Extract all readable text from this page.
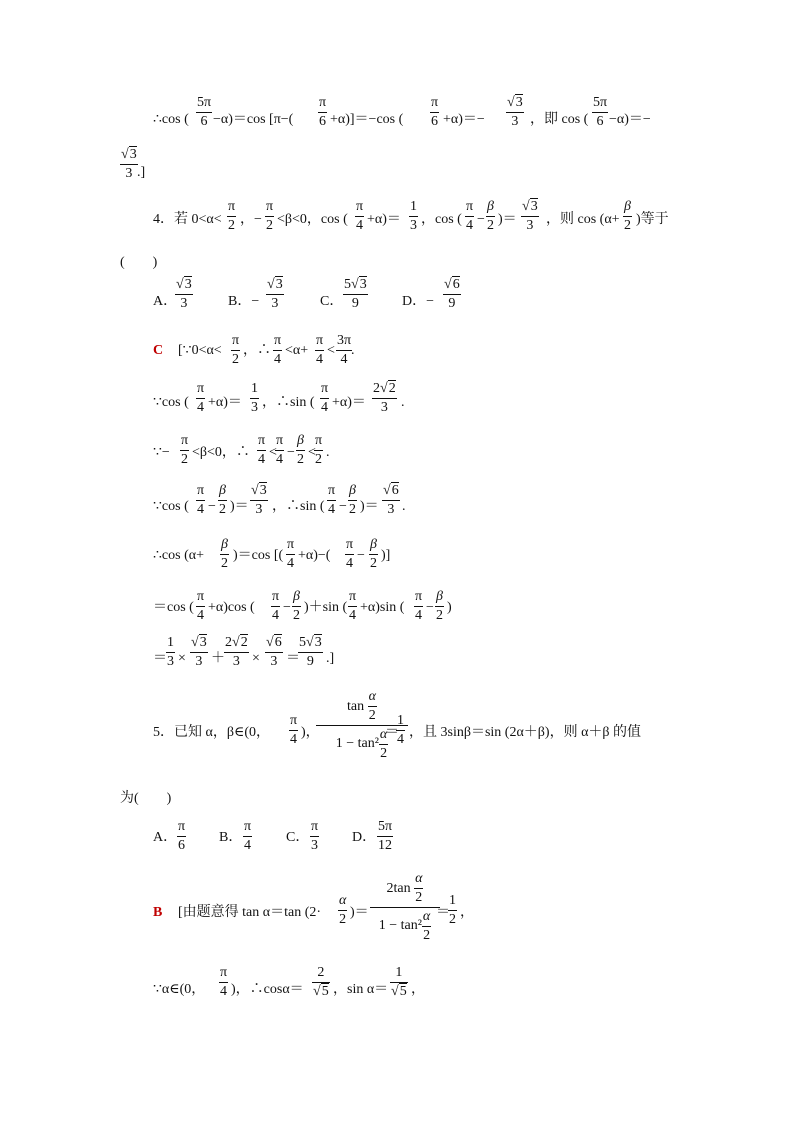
∴cos (
5π
6 −α)＝cos [π−(
π
6 +α)]＝−cos (
π
6 +α)＝−
√3
3 ，即 cos (
5π
6 −α)＝−
√3
3 .]
4．若 0<α<
π
2 ，−
π
2 <β<0，cos (
π
4 +α)＝
1
3 ，cos (
π
4 −
β
2 )＝
√3
3 ，则 cos (α+
β
2 )等于
(　　)
A．
√3
3	B．−
√3
3	C．
5√3
9	D．−
√6
9
C [∵0<α<
π
2
，∴
π
4
<α+
π
4
<
3π
4
.
∵cos (
π
4 +α)＝
1
3 ，∴sin (
π
4 +α)＝
2√2
3 .
∵−
π
2 <β<0，∴
π
4 <
π
4 −
β
2 <
π
2 .
∵cos (
π
4 −
β
2 )＝
√3
3 ，∴sin (
π
4 −
β
2 )＝
√6
3 .
∴cos (α+
β
2
)＝cos [(
π
4
+α)−(
π
4
−
β
2
)]
＝cos (
π
4
+α)cos (
π
4
−
β
2
)＋sin (
π
4
+α)sin (
π
4
−
β
2
)
＝
1
3 ×
√3
3 ＋
2√2
3 ×
√6
3 ＝
5√3
9 .]
5．已知 α，β∈(0，
π
4 )，
$\tan \frac{\alpha}{2}$
$1 - \tan^2 \frac{\alpha}{2}$
＝
1
4 ，且 3sinβ＝sin (2α＋β)，则 α＋β 的值
为(　　)
A．
π
6
B．
π
4
C．
π
3
D．
5π
12
B [由题意得 tan α＝tan (2·
α
2 )＝
$2\tan \frac{\alpha}{2}$
$1 - \tan^2 \frac{\alpha}{2}$ ＝
1
2 ，
∵α∈(0，
π
4 )，∴cosα＝
2
√5 ，sin α＝
1
√5 ，
